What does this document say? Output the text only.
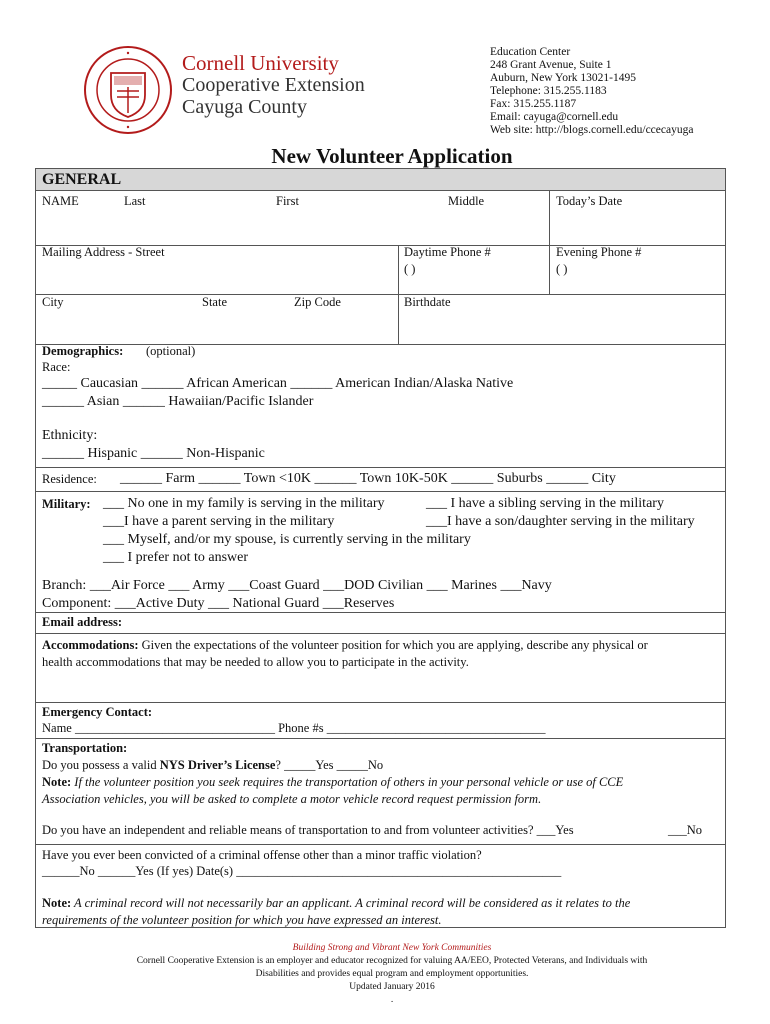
Cornell University
Cooperative Extension
Cayuga County
Education Center
248 Grant Avenue, Suite 1
Auburn, New York 13021-1495
Telephone: 315.255.1183
Fax: 315.255.1187
Email: cayuga@cornell.edu
Web site: http://blogs.cornell.edu/ccecayuga
New Volunteer Application
GENERAL
NAME	Last	First	Middle	Today’s Date
Mailing Address - Street	Daytime Phone #
( )
Evening Phone #
( )
City	State	Zip Code	Birthdate
Demographics: (optional)
Race:
_____ Caucasian ______ African American ______ American Indian/Alaska Native
______ Asian ______ Hawaiian/Pacific Islander
Ethnicity:
______ Hispanic ______ Non-Hispanic
Residence: ______ Farm ______ Town <10K ______ Town 10K-50K ______ Suburbs ______ City
Military: ___ No one in my family is serving in the military	___ I have a sibling serving in the military
___I have a parent serving in the military	___I have a son/daughter serving in the military
___ Myself, and/or my spouse, is currently serving in the military
___ I prefer not to answer
Branch: ___Air Force ___ Army ___Coast Guard ___DOD Civilian ___ Marines ___Navy
Component: ___Active Duty ___ National Guard ___Reserves
Email address:
Accommodations: Given the expectations of the volunteer position for which you are applying, describe any physical or
health accommodations that may be needed to allow you to participate in the activity.
Emergency Contact:
Name ________________________________ Phone #s ___________________________________
Transportation:
Do you possess a valid NYS Driver’s License? _____Yes _____No
Note: If the volunteer position you seek requires the transportation of others in your personal vehicle or use of CCE
Association vehicles, you will be asked to complete a motor vehicle record request permission form.
Do you have an independent and reliable means of transportation to and from volunteer activities? ___Yes	___No
Have you ever been convicted of a criminal offense other than a minor traffic violation?
______No ______Yes (If yes) Date(s) ____________________________________________________
Note: A criminal record will not necessarily bar an applicant. A criminal record will be considered as it relates to the
requirements of the volunteer position for which you have expressed an interest.
Building Strong and Vibrant New York Communities
Cornell Cooperative Extension is an employer and educator recognized for valuing AA/EEO, Protected Veterans, and Individuals with
Disabilities and provides equal program and employment opportunities.
Updated January 2016
.
